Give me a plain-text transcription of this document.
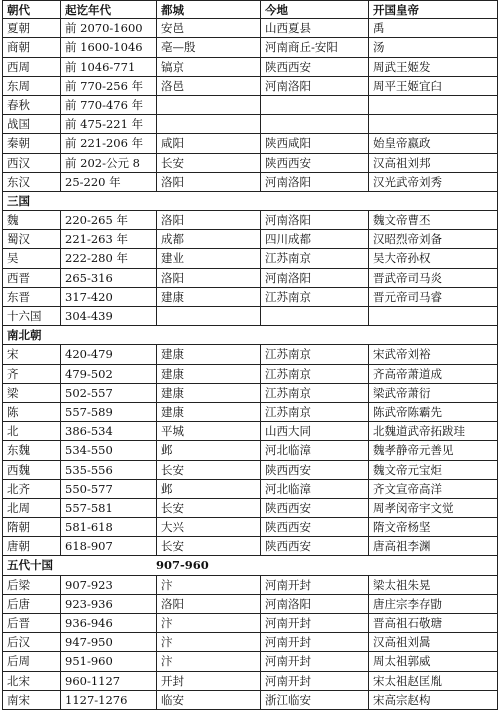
朝代	起讫年代	都城	今地	开国皇帝
夏朝	前 2070-1600	安邑	山西夏县	禹
商朝	前 1600-1046	亳—殷	河南商丘-安阳	汤
西周	前 1046-771	镐京	陕西西安	周武王姬发
东周	前 770-256 年	洛邑	河南洛阳	周平王姬宜臼
春秋	前 770-476 年
战国	前 475-221 年
秦朝	前 221-206 年	咸阳	陕西咸阳	始皇帝嬴政
西汉	前 202-公元 8	长安	陕西西安	汉高祖刘邦
东汉	25-220 年	洛阳	河南洛阳	汉光武帝刘秀
三国
魏	220-265 年	洛阳	河南洛阳	魏文帝曹丕
蜀汉	221-263 年	成都	四川成都	汉昭烈帝刘备
吴	222-280 年	建业	江苏南京	吴大帝孙权
西晋	265-316	洛阳	河南洛阳	晋武帝司马炎
东晋	317-420	建康	江苏南京	晋元帝司马睿
十六国	304-439
南北朝
宋	420-479	建康	江苏南京	宋武帝刘裕
齐	479-502	建康	江苏南京	齐高帝萧道成
梁	502-557	建康	江苏南京	梁武帝萧衍
陈	557-589	建康	江苏南京	陈武帝陈霸先
北	386-534	平城	山西大同	北魏道武帝拓跋珪
东魏	534-550	邺	河北临漳	魏孝静帝元善见
西魏	535-556	长安	陕西西安	魏文帝元宝炬
北齐	550-577	邺	河北临漳	齐文宣帝高洋
北周	557-581	长安	陕西西安	周孝闵帝宇文觉
隋朝	581-618	大兴	陕西西安	隋文帝杨坚
唐朝	618-907	长安	陕西西安	唐高祖李渊
五代十国	907-960
后梁	907-923	汴	河南开封	梁太祖朱晃
后唐	923-936	洛阳	河南洛阳	唐庄宗李存勖
后晋	936-946	汴	河南开封	晋高祖石敬瑭
后汉	947-950	汴	河南开封	汉高祖刘暠
后周	951-960	汴	河南开封	周太祖郭威
北宋	960-1127	开封	河南开封	宋太祖赵匡胤
南宋	1127-1276	临安	浙江临安	宋高宗赵构
